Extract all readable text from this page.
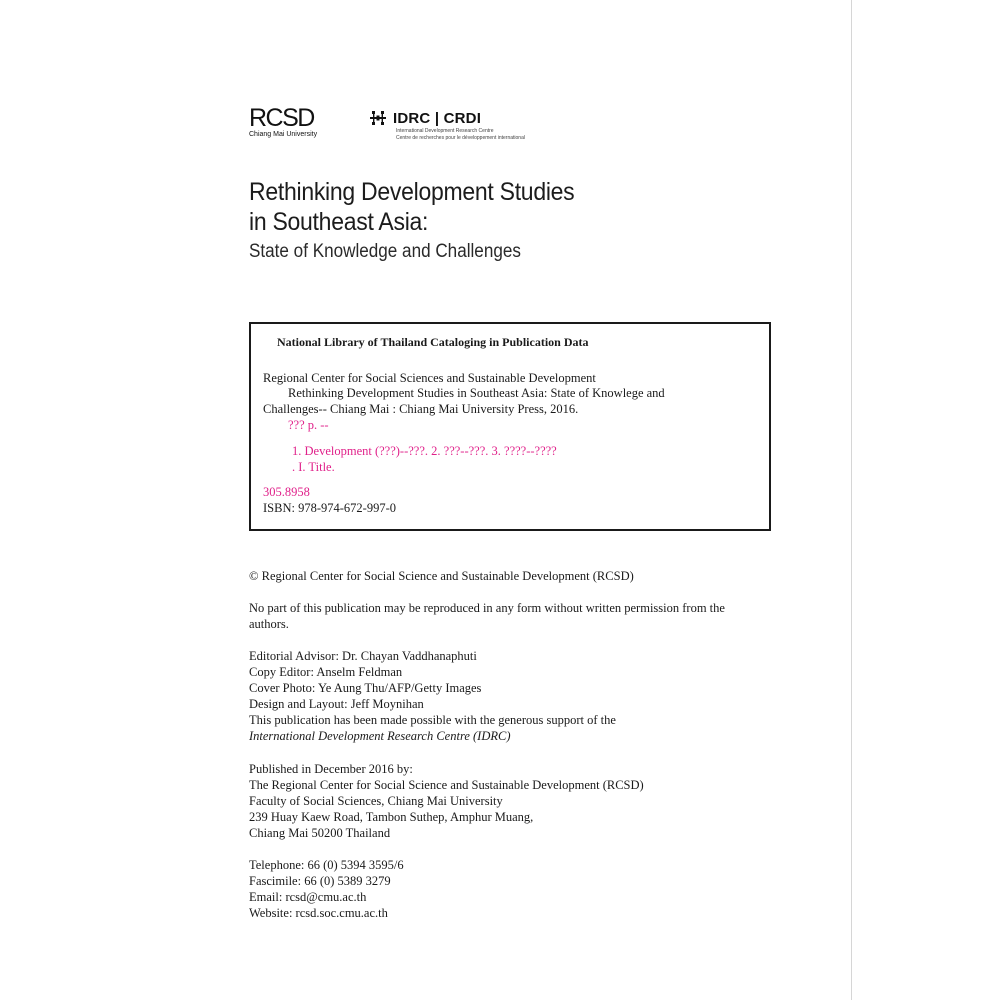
RCSD
Chiang Mai University
IDRC | CRDI
International Development Research Centre
Centre de recherches pour le développement international
Rethinking Development Studies
in Southeast Asia:
State of Knowledge and Challenges
National Library of Thailand Cataloging in Publication Data
Regional Center for Social Sciences and Sustainable Development
Rethinking Development Studies in Southeast Asia: State of Knowlege and
Challenges-- Chiang Mai : Chiang Mai University Press, 2016.
??? p. --
1. Development (???)--???. 2. ???--???. 3. ????--????
. I. Title.
305.8958
ISBN: 978-974-672-997-0
© Regional Center for Social Science and Sustainable Development (RCSD)
No part of this publication may be reproduced in any form without written permission from the
authors.
Editorial Advisor: Dr. Chayan Vaddhanaphuti
Copy Editor: Anselm Feldman
Cover Photo: Ye Aung Thu/AFP/Getty Images
Design and Layout: Jeff Moynihan
This publication has been made possible with the generous support of the
International Development Research Centre (IDRC)
Published in December 2016 by:
The Regional Center for Social Science and Sustainable Development (RCSD)
Faculty of Social Sciences, Chiang Mai University
239 Huay Kaew Road, Tambon Suthep, Amphur Muang,
Chiang Mai 50200 Thailand
Telephone: 66 (0) 5394 3595/6
Fascimile: 66 (0) 5389 3279
Email: rcsd@cmu.ac.th
Website: rcsd.soc.cmu.ac.th
